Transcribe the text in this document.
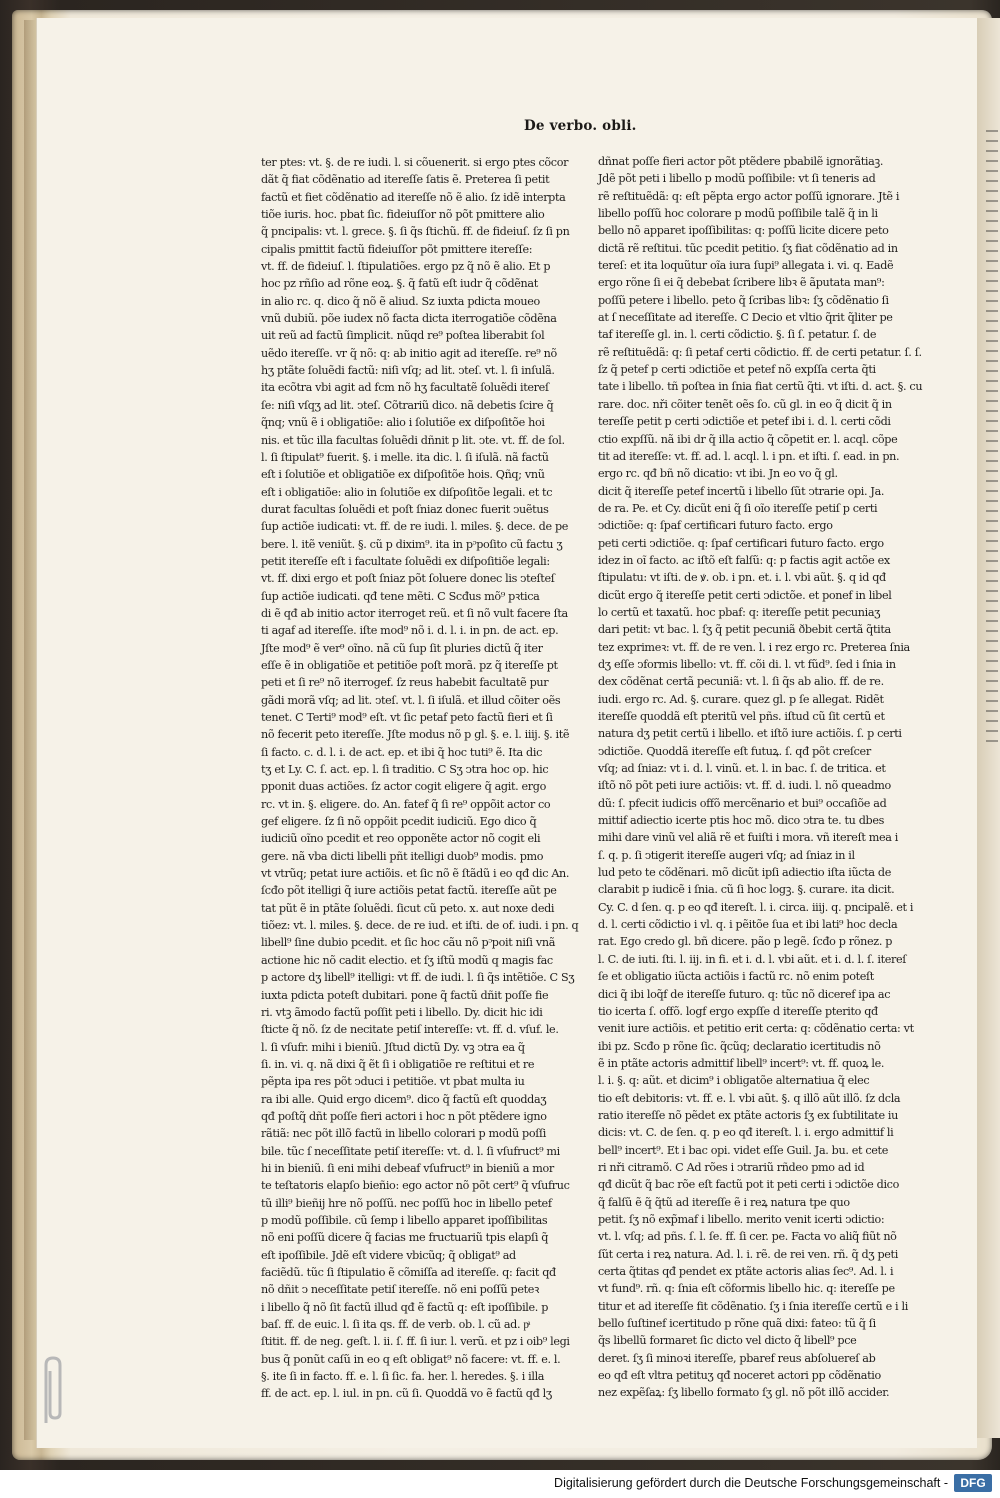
De verbo. obli.
ter ptes: vt. §. de re iudi. l. si cõuenerit. si ergo ptes cõcor
dãt q̃ fiat cõdẽnatio ad itereſſe ſatis ẽ. Preterea ſi petit
factũ et fiet cõdẽnatio ad itereſſe nõ ẽ alio. ſz idẽ interpta
tiõe iuris. hoc. pbat ſic. fideiuſſor nõ põt pmittere alio
q̃ pncipalis: vt. l. grece. §. ſi q̃s ſtichũ. ff. de fideiuſ. ſz ſi pn
cipalis pmittit factũ fideiuſſor põt pmittere itereſſe:
vt. ff. de fideiuſ. l. ſtipulatiões. ergo pz q̃ nõ ẽ alio. Et p
hoc pz rñſio ad rõne eoꝝ. §. q̃ fatũ eſt iudr q̃ cõdẽnat
in alio rc. q. dico q̃ nõ ẽ aliud. Sz iuxta pdicta moueo
vnũ dubiũ. põe iudex nõ facta dicta iterrogatiõe cõdẽna
uit reũ ad factũ ſimplicit. nũqd re⁹ poſtea liberabit ſol
uẽdo itereſſe. vr q̃ nõ: q: ab initio agit ad itereſſe. re⁹ nõ
hʒ ptãte ſoluẽdi factũ: niſi vſq; ad lit. ↄteſ. vt. l. ſi inſulã.
ita ecõtra vbi agit ad fcm nõ hʒ facultatẽ ſoluẽdi itereſ
ſe: niſi vſqʒ ad lit. ↄteſ. Cõtrariũ dico. nã debetis ſcire q̃
q̃nq; vnũ ẽ i obligatiõe: alio i ſolutiõe ex diſpoſitõe hoi
nis. et tũc illa facultas ſoluẽdi dñnit p lit. ↄte. vt. ff. de ſol.
l. ſi ſtipulat⁹ fuerit. §. i melle. ita dic. l. ſi iſulã. nã factũ
eſt i ſolutiõe et obligatiõe ex diſpoſitõe hois. Qñq; vnũ
eſt i obligatiõe: alio in ſolutiõe ex diſpoſitõe legali. et tc
durat facultas ſoluẽdi et poſt ſniaz donec fuerit ↄuẽtus
ſup actiõe iudicati: vt. ff. de re iudi. l. miles. §. dece. de pe
bere. l. itẽ veniũt. §. cũ p dixim⁹. ita in pᵓpoſito cũ factu ʒ
petit itereſſe eſt i facultate ſoluẽdi ex diſpoſitiõe legali:
vt. ff. dixi ergo et poſt ſniaz põt ſoluere donec lis ↄteſteſ
ſup actiõe iudicati. qđ tene mẽti. C Scđus mõ⁹ pꝛtica
di ẽ qđ ab initio actor iterroget reũ. et ſi nõ vult facere ſta
ti agaf ad itereſſe. iſte mod⁹ nõ i. d. l. i. in pn. de act. ep.
Jſte mod⁹ ẽ ver⁹ oĩno. nã cũ ſup ſit pluries dictũ q̃ iter
eſſe ẽ in obligatiõe et petitiõe poſt morã. pz q̃ itereſſe pt
peti et ſi re⁹ nõ iterrogef. ſz reus habebit facultatẽ pur
gãdi morã vſq; ad lit. ↄteſ. vt. l. ſi iſulã. et illud cõiter oẽs
tenet. C Terti⁹ mod⁹ eſt. vt ſic petaf peto factũ fieri et ſi
nõ fecerit peto itereſſe. Jſte modus nõ p gl. §. e. l. iiij. §. itẽ
ſi facto. c. d. l. i. de act. ep. et ibi q̃ hoc tuti⁹ ẽ. Ita dic
tʒ et Ly. C. ſ. act. ep. l. ſi traditio. C Sʒ ↄtra hoc op. hic
pponit duas actiões. ſz actor cogit eligere q̃ agit. ergo
rc. vt in. §. eligere. do. An. fatef q̃ ſi re⁹ oppõit actor co
gef eligere. ſz ſi nõ oppõit pcedit iudiciũ. Ego dico q̃
iudiciũ oĩno pcedit et reo opponẽte actor nõ cogit eli
gere. nã vba dicti libelli pñt itelligi duob⁹ modis. pmo
vt vtrũq; petat iure actiõis. et ſic nõ ẽ ſtãdũ i eo qđ dic An.
ſcđo põt itelligi q̃ iure actiõis petat factũ. itereſſe aũt pe
tat pũt ẽ in ptãte ſoluẽdi. ſicut cũ peto. x. aut noxe dedi
tiõez: vt. l. miles. §. dece. de re iud. et iſti. de of. iudi. i pn. q
libell⁹ ſine dubio pcedit. et ſic hoc cãu nõ pᵓpoit niſi vnã
actione hic nõ cadit electio. et ſʒ iſtũ modũ q magis fac
p actore dʒ libell⁹ itelligi: vt ff. de iudi. l. ſi q̃s intẽtiõe. C Sʒ
iuxta pdicta poteſt dubitari. pone q̃ factũ dñit poſſe fie
ri. vtꝫ ãmodo factũ poſſit peti i libello. Dy. dicit hic idi
ſticte q̃ nõ. ſz de necitate petiſ intereſſe: vt. ff. d. vſuf. le.
l. ſi vſufr. mihi i bieniũ. Jſtud dictũ Dy. vꝫ ↄtra ea q̃
ſi. in. vi. q. nã dixi q̃ ẽt ſi i obligatiõe re reſtitui et re
pẽpta ipa res põt ↄduci i petitiõe. vt pbat multa iu
ra ibi alle. Quid ergo dicem⁹. dico q̃ factũ eſt quoddaʒ
qđ poſtq̃ dñt poſſe fieri actori i hoc n põt ptẽdere igno
rãtiã: nec põt illõ factũ in libello colorari p modũ poſſi
bile. tũc ſ neceſſitate petiſ itereſſe: vt. d. l. ſi vſufruct⁹ mi
hi in bieniũ. ſi eni mihi debeaf vſufruct⁹ in bieniũ a mor
te teſtatoris elapſo bieñio: ego actor nõ põt cert⁹ q̃ vſufruc
tũ illi⁹ bieñij hre nõ poſſũ. nec poſſũ hoc in libello petef
p modũ poſſibile. cũ ſemp i libello apparet ipoſſibilitas
nõ eni poſſũ dicere q̃ facias me fructuariũ tpis elapſi q̃
eſt ipoſſibile. Jdẽ eſt videre vbicũq; q̃ obligat⁹ ad
faciẽdũ. tũc ſi ſtipulatio ẽ cõmiſſa ad itereſſe. q: facit qđ
nõ dñit ↄ neceſſitate petiſ itereſſe. nõ eni poſſũ peteꝛ
i libello q̃ nõ ſit factũ illud qđ ẽ factũ q: eſt ipoſſibile. p
baſ. ff. de euic. l. ſi ita qs. ff. de verb. ob. l. cũ ad. pͣ
ſtitit. ff. de neg. geſt. l. ii. ſ. ff. ſi iur. l. verũ. et pz i oib⁹ legi
bus q̃ ponũt caſũ in eo q eſt obligat⁹ nõ facere: vt. ff. e. l.
§. ite ſi in facto. ff. e. l. ſi ſic. fa. her. l. heredes. §. i illa
ff. de act. ep. l. iul. in pn. cũ ſi. Quoddã vo ẽ factũ qđ lʒ
dñnat poſſe fieri actor põt ptẽdere pbabilẽ ignorãtiaꝫ.
Jdẽ põt peti i libello p modũ poſſibile: vt ſi teneris ad
rẽ reſtituẽdã: q: eſt pẽpta ergo actor poſſũ ignorare. Jtẽ i
libello poſſũ hoc colorare p modũ poſſibile talẽ q̃ in li
bello nõ apparet ipoſſibilitas: q: poſſũ licite dicere peto
dictã rẽ reſtitui. tũc pcedit petitio. ſʒ fiat cõdẽnatio ad in
tereſ: et ita loquũtur oĩa iura ſupi⁹ allegata i. vi. q. Eadẽ
ergo rõne ſi ei q̃ debebat ſcribere libꝛ ẽ ãputata man⁹:
poſſũ petere i libello. peto q̃ ſcribas libꝛ: ſʒ cõdẽnatio ſi
at ſ neceſſitate ad itereſſe. C Decio et vltio q̃rit q̃liter pe
taf itereſſe gl. in. l. certi cõdictio. §. ſi ſ. petatur. ſ. de
rẽ reſtituẽdã: q: ſi petaf certi cõdictio. ff. de certi petatur. ſ. ſ.
ſz q̃ petef p certi ↄdictiõe et petef nõ expſſa certa q̃ti
tate i libello. tñ poſtea in ſnia fiat certũ q̃ti. vt iſti. d. act. §. cu
rare. doc. nři cõiter tenẽt oẽs ſo. cũ gl. in eo q̃ dicit q̃ in
tereſſe petit p certi ↄdictiõe et petef ibi i. d. l. certi cõdi
ctio expſſũ. nã ibi dr q̃ illa actio q̃ cõpetit er. l. acql. cõpe
tit ad itereſſe: vt. ff. ad. l. acql. l. i pn. et iſti. ſ. ead. in pn.
ergo rc. qđ bñ nõ dicatio: vt ibi. Jn eo vo q̃ gl.
dicit q̃ itereſſe petef incertũ i libello ſũt ↄtrarie opi. Ja.
de ra. Pe. et Cy. dicũt eni q̃ ſi oĩo itereſſe petiſ p certi
ↄdictiõe: q: ſpaf certificari futuro facto. ergo
peti certi ↄdictiõe. q: ſpaf certificari futuro facto. ergo
idez in oĩ facto. ac iſtõ eſt falſũ: q: p factis agit actõe ex
ſtipulatu: vt iſti. de ꝟ. ob. i pn. et. i. l. vbi aũt. §. q id qđ
dicũt ergo q̃ itereſſe petit certi ↄdictõe. et ponef in libel
lo certũ et taxatũ. hoc pbaf: q: itereſſe petit pecuniaʒ
dari petit: vt bac. l. ſʒ q̃ petit pecuniã ðbebit certã q̃tita
tez exprimeꝛ: vt. ff. de re ven. l. i rez ergo rc. Preterea ſnia
dʒ eſſe ↄformis libello: vt. ff. cõi di. l. vt fũd⁹. ſed i ſnia in
dex cõdẽnat certã pecuniã: vt. l. ſi q̃s ab alio. ff. de re.
iudi. ergo rc. Ad. §. curare. quez gl. p ſe allegat. Ridẽt
itereſſe quoddã eſt pteritũ vel pñs. iſtud cũ ſit certũ et
natura dʒ petit certũ i libello. et iſtõ iure actiõis. ſ. p certi
ↄdictiõe. Quoddã itereſſe eſt futuꝝ. ſ. qđ põt creſcer
vſq; ad ſniaz: vt i. d. l. vinũ. et. l. in bac. ſ. de tritica. et
iſtõ nõ põt peti iure actiõis: vt. ff. d. iudi. l. nõ queadmo
dũ: ſ. pfecit iudicis offõ mercẽnario et bui⁹ occaſiõe ad
mittif adiectio icerte ptis hoc mõ. dico ↄtra te. tu dbes
mihi dare vinũ vel aliã rẽ et fuiſti i mora. vñ itereſt mea i
ſ. q. p. ſi ↄtigerit itereſſe augeri vſq; ad ſniaz in il
lud peto te cõdẽnari. mõ dicũt ipſi adiectio iſta iũcta de
clarabit p iudicẽ i ſnia. cũ ſi hoc logꝫ. §. curare. ita dicit.
Cy. C. d ſen. q. p eo qđ itereſt. l. i. circa. iiij. q. pncipalẽ. et i
d. l. certi cõdictio i vl. q. i pẽitõe ſua et ibi lati⁹ hoc decla
rat. Ego credo gl. bñ dicere. pão p legẽ. ſcđo p rõnez. p
l. C. de iuti. ſti. l. iij. in fi. et i. d. l. vbi aũt. et i. d. l. ſ. itereſ
ſe et obligatio iũcta actiõis i factũ rc. nõ enim poteſt
dici q̃ ibi loq̃f de itereſſe futuro. q: tũc nõ diceref ipa ac
tio icerta ſ. offõ. logf ergo expſſe d itereſſe pterito qđ
venit iure actiõis. et petitio erit certa: q: cõdẽnatio certa: vt
ibi pz. Scđo p rõne ſic. q̃cũq; declaratio icertitudis nõ
ẽ in ptãte actoris admittif libell⁹ incert⁹: vt. ff. quoꝝ le.
l. i. §. q: aũt. et dicim⁹ i obligatõe alternatiua q̃ elec
tio eſt debitoris: vt. ff. e. l. vbi aũt. §. q illõ aũt illõ. ſz dcla
ratio itereſſe nõ pẽdet ex ptãte actoris ſʒ ex ſubtilitate iu
dicis: vt. C. de ſen. q. p eo qđ itereſt. l. i. ergo admittif li
bell⁹ incert⁹. Et i bac opi. videt eſſe Guil. Ja. bu. et cete
ri nři citramõ. C Ad rões i ↄtrariũ rñdeo pmo ad id
qđ dicũt q̃ bac rõe eſt factũ pot it peti certi i ↄdictõe dico
q̃ falſũ ẽ q̃ q̃tũ ad itereſſe ẽ i reꝝ natura tpe quo
petit. ſʒ nõ exp̃maf i libello. merito venit icerti ↄdictio:
vt. l. vſq; ad pñs. ſ. l. ſe. ff. ſi cer. pe. Facta vo aliq̃ fiũt nõ
ſũt certa i reꝝ natura. Ad. l. i. rẽ. de rei ven. rñ. q̃ dʒ peti
certa q̃titas qđ pendet ex ptãte actoris alias ſec⁹. Ad. l. i
vt fund⁹. rñ. q: ſnia eſt cõformis libello hic. q: itereſſe pe
titur et ad itereſſe fit cõdẽnatio. ſʒ i ſnia itereſſe certũ e i li
bello ſuſtinef icertitudo p rõne quã dixi: fateo: tũ q̃ ſi
q̃s libellũ formaret ſic dicto vel dicto q̃ libell⁹ pce
deret. ſʒ ſi minoꝛi itereſſe, pbaref reus abſoluereſ ab
eo qđ eſt vltra petituʒ qđ noceret actori pp cõdẽnatio
nez expẽſaꝝ: ſʒ libello formato ſʒ gl. nõ põt illõ accider.
Digitalisierung gefördert durch die Deutsche Forschungsgemeinschaft -	DFG
